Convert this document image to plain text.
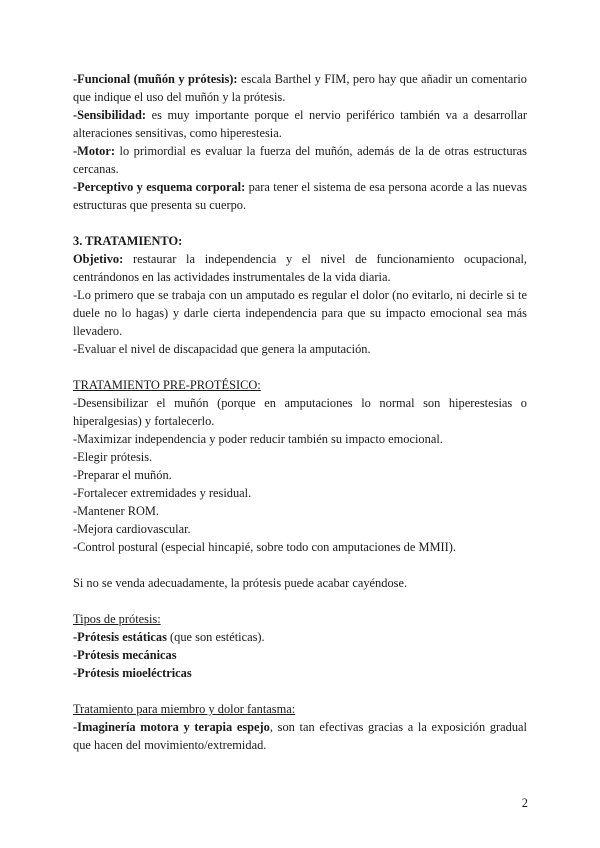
-Funcional (muñón y prótesis): escala Barthel y FIM, pero hay que añadir un comentario que indique el uso del muñón y la prótesis.

-Sensibilidad: es muy importante porque el nervio periférico también va a desarrollar alteraciones sensitivas, como hiperestesia.

-Motor: lo primordial es evaluar la fuerza del muñón, además de la de otras estructuras cercanas.

-Perceptivo y esquema corporal: para tener el sistema de esa persona acorde a las nuevas estructuras que presenta su cuerpo.

3. TRATAMIENTO:

Objetivo: restaurar la independencia y el nivel de funcionamiento ocupacional, centrándonos en las actividades instrumentales de la vida diaria.

-Lo primero que se trabaja con un amputado es regular el dolor (no evitarlo, ni decirle si te duele no lo hagas) y darle cierta independencia para que su impacto emocional sea más llevadero.

-Evaluar el nivel de discapacidad que genera la amputación.

TRATAMIENTO PRE-PROTÉSICO:

-Desensibilizar el muñón (porque en amputaciones lo normal son hiperestesias o hiperalgesias) y fortalecerlo.

-Maximizar independencia y poder reducir también su impacto emocional.

-Elegir prótesis.

-Preparar el muñón.

-Fortalecer extremidades y residual.

-Mantener ROM.

-Mejora cardiovascular.

-Control postural (especial hincapié, sobre todo con amputaciones de MMII).

Si no se venda adecuadamente, la prótesis puede acabar cayéndose.

Tipos de prótesis:

-Prótesis estáticas (que son estéticas).

-Prótesis mecánicas

-Prótesis mioeléctricas

Tratamiento para miembro y dolor fantasma:

-Imaginería motora y terapia espejo, son tan efectivas gracias a la exposición gradual que hacen del movimiento/extremidad.

2
